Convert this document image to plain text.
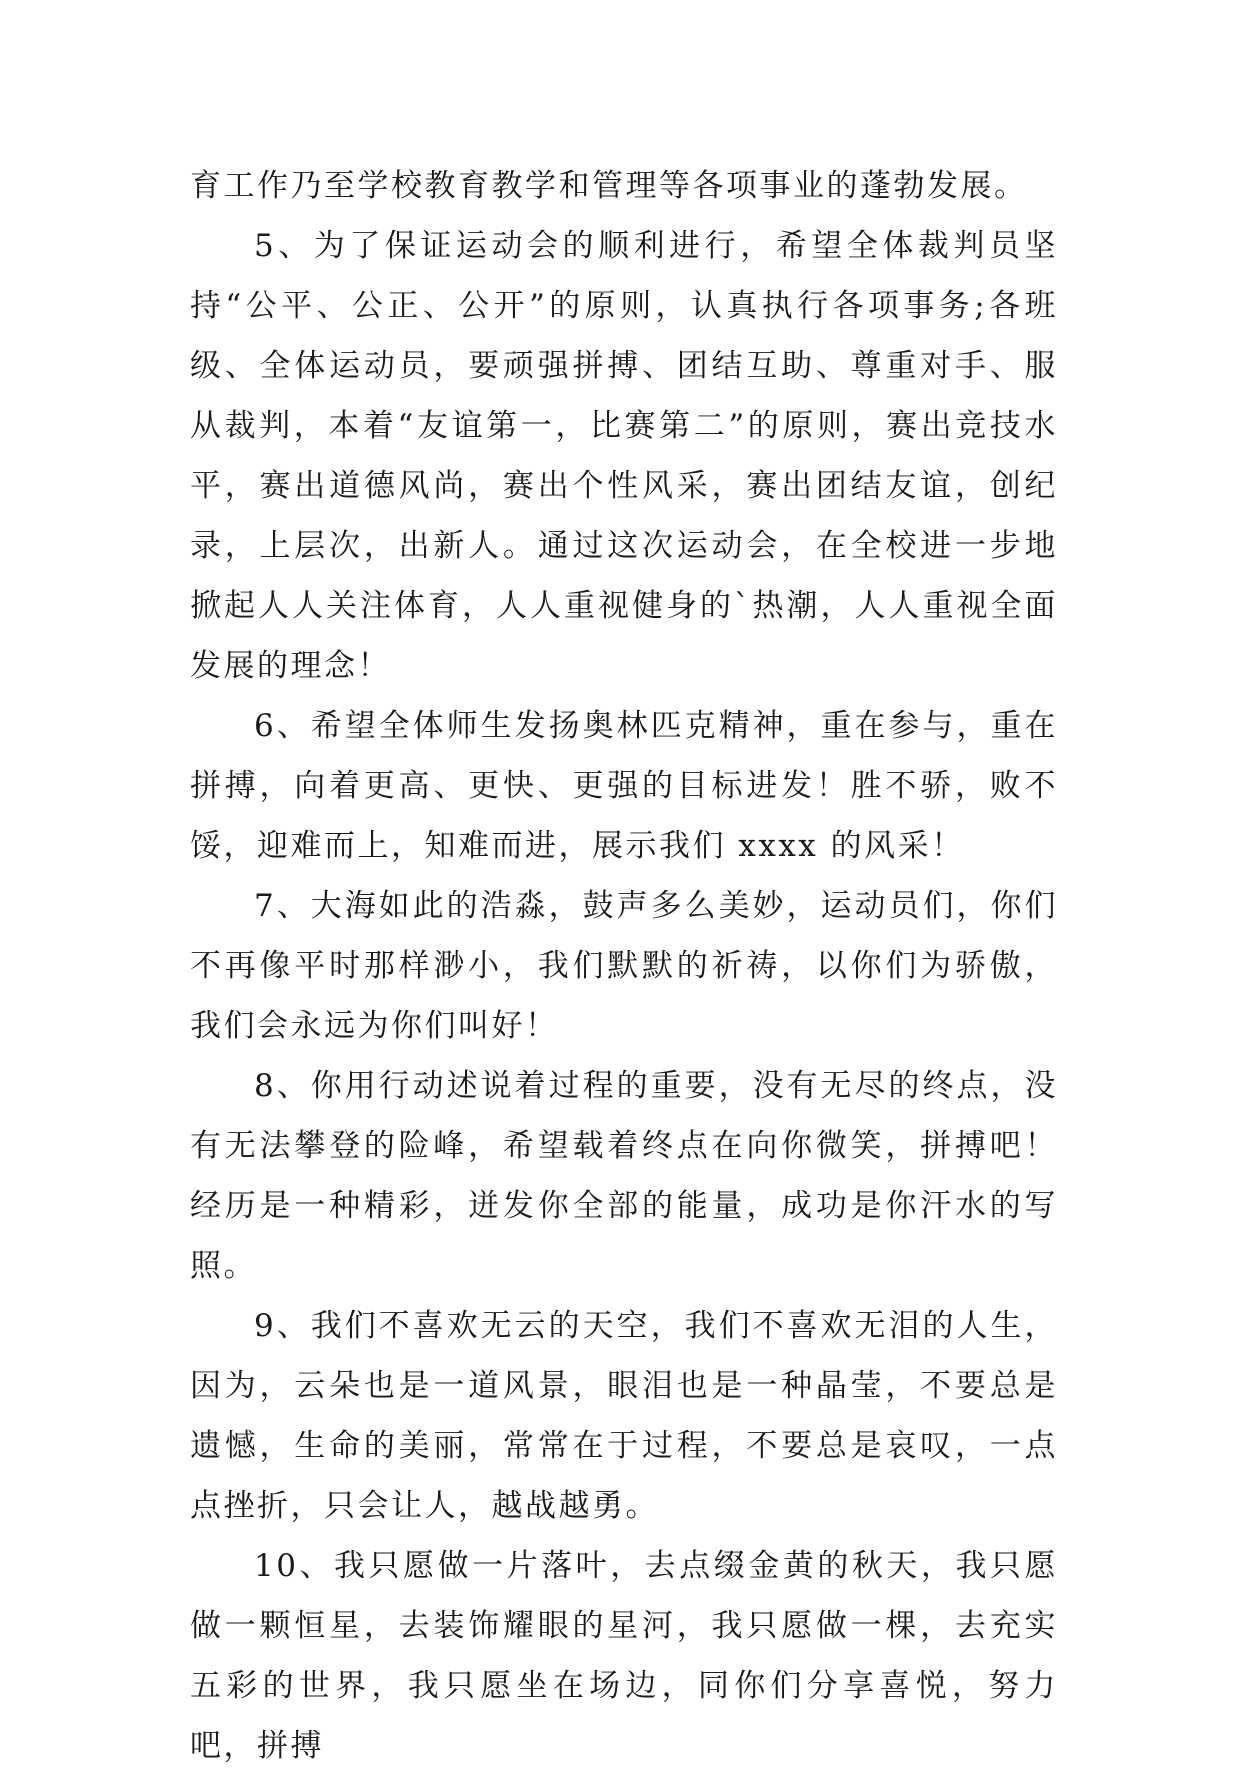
育工作乃至学校教育教学和管理等各项事业的蓬勃发展。

5、为了保证运动会的顺利进行，希望全体裁判员坚持“公平、公正、公开”的原则，认真执行各项事务;各班级、全体运动员，要顽强拼搏、团结互助、尊重对手、服从裁判，本着“友谊第一，比赛第二”的原则，赛出竞技水平，赛出道德风尚，赛出个性风采，赛出团结友谊，创纪录，上层次，出新人。通过这次运动会，在全校进一步地掀起人人关注体育，人人重视健身的`热潮，人人重视全面发展的理念！

6、希望全体师生发扬奥林匹克精神，重在参与，重在拼搏，向着更高、更快、更强的目标进发！胜不骄，败不馁，迎难而上，知难而进，展示我们 xxxx 的风采！

7、大海如此的浩淼，鼓声多么美妙，运动员们，你们不再像平时那样渺小，我们默默的祈祷，以你们为骄傲，我们会永远为你们叫好！

8、你用行动述说着过程的重要，没有无尽的终点，没有无法攀登的险峰，希望载着终点在向你微笑，拼搏吧！经历是一种精彩，迸发你全部的能量，成功是你汗水的写照。

9、我们不喜欢无云的天空，我们不喜欢无泪的人生，因为，云朵也是一道风景，眼泪也是一种晶莹，不要总是遗憾，生命的美丽，常常在于过程，不要总是哀叹，一点点挫折，只会让人，越战越勇。

10、我只愿做一片落叶，去点缀金黄的秋天，我只愿做一颗恒星，去装饰耀眼的星河，我只愿做一棵，去充实五彩的世界，我只愿坐在场边，同你们分享喜悦，努力吧，拼搏
